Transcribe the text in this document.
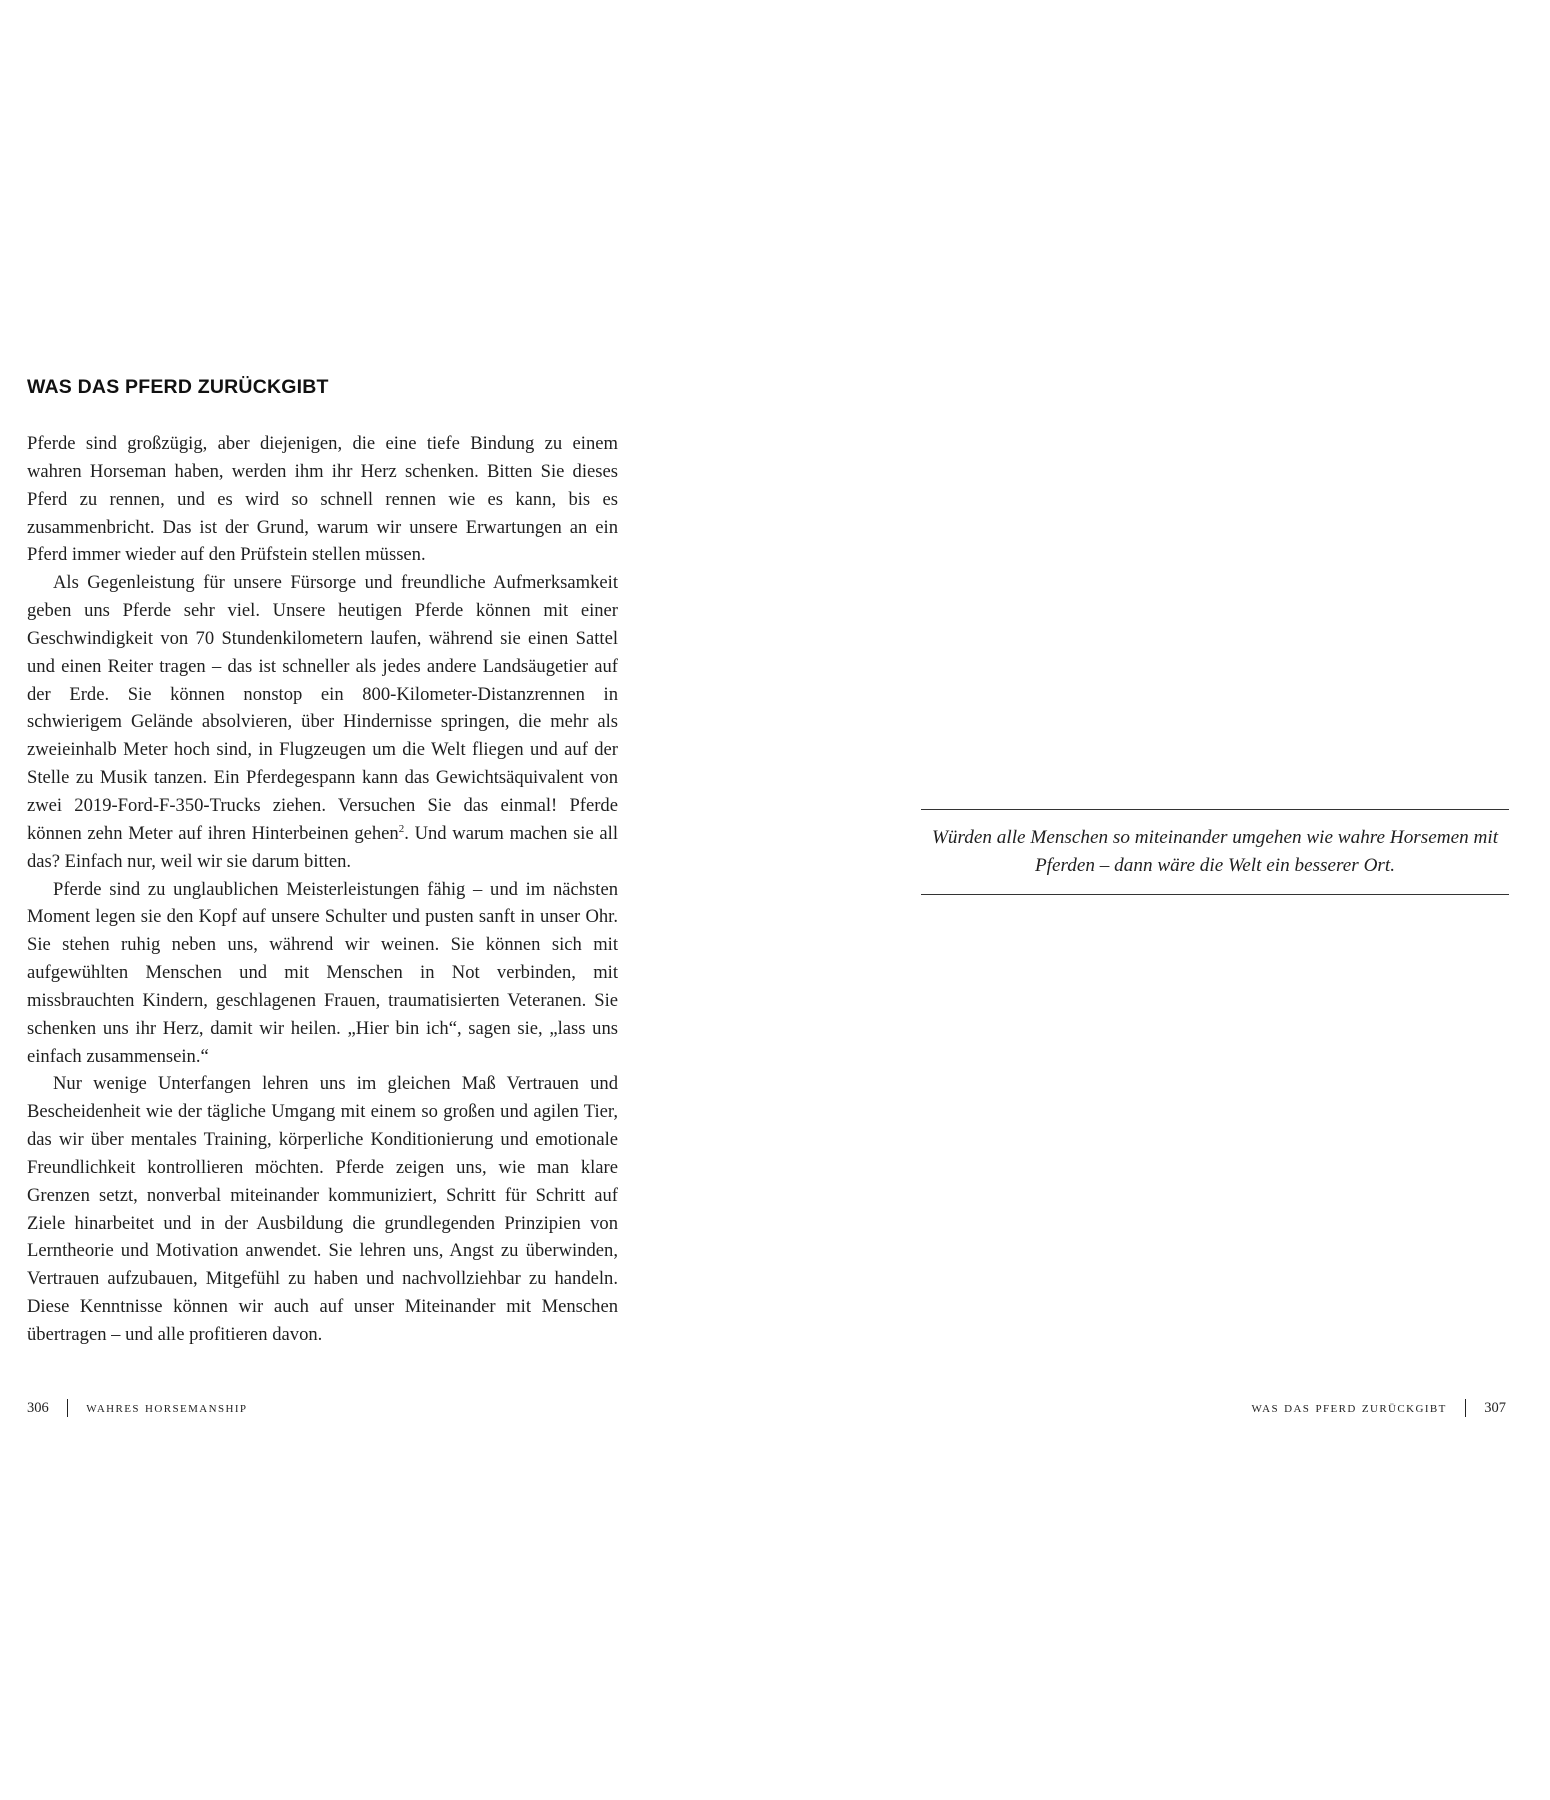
WAS DAS PFERD ZURÜCKGIBT

Pferde sind großzügig, aber diejenigen, die eine tiefe Bindung zu einem wahren Horseman haben, werden ihm ihr Herz schenken. Bitten Sie dieses Pferd zu rennen, und es wird so schnell rennen wie es kann, bis es zusammenbricht. Das ist der Grund, warum wir unsere Erwartungen an ein Pferd immer wieder auf den Prüfstein stellen müssen.

Als Gegenleistung für unsere Fürsorge und freundliche Aufmerksamkeit geben uns Pferde sehr viel. Unsere heutigen Pferde können mit einer Geschwindigkeit von 70 Stundenkilometern laufen, während sie einen Sattel und einen Reiter tragen – das ist schneller als jedes andere Landsäugetier auf der Erde. Sie können nonstop ein 800-Kilometer-Distanzrennen in schwierigem Gelände absolvieren, über Hindernisse springen, die mehr als zweieinhalb Meter hoch sind, in Flugzeugen um die Welt fliegen und auf der Stelle zu Musik tanzen. Ein Pferdegespann kann das Gewichtsäquivalent von zwei 2019-Ford-F-350-Trucks ziehen. Versuchen Sie das einmal! Pferde können zehn Meter auf ihren Hinterbeinen gehen$^2$. Und warum machen sie all das? Einfach nur, weil wir sie darum bitten.

Pferde sind zu unglaublichen Meisterleistungen fähig – und im nächsten Moment legen sie den Kopf auf unsere Schulter und pusten sanft in unser Ohr. Sie stehen ruhig neben uns, während wir weinen. Sie können sich mit aufgewühlten Menschen und mit Menschen in Not verbinden, mit missbrauchten Kindern, geschlagenen Frauen, traumatisierten Veteranen. Sie schenken uns ihr Herz, damit wir heilen. „Hier bin ich“, sagen sie, „lass uns einfach zusammensein.“

Nur wenige Unterfangen lehren uns im gleichen Maß Vertrauen und Bescheidenheit wie der tägliche Umgang mit einem so großen und agilen Tier, das wir über mentales Training, körperliche Konditionierung und emotionale Freundlichkeit kontrollieren möchten. Pferde zeigen uns, wie man klare Grenzen setzt, nonverbal miteinander kommuniziert, Schritt für Schritt auf Ziele hinarbeitet und in der Ausbildung die grundlegenden Prinzipien von Lerntheorie und Motivation anwendet. Sie lehren uns, Angst zu überwinden, Vertrauen aufzubauen, Mitgefühl zu haben und nachvollziehbar zu handeln. Diese Kenntnisse können wir auch auf unser Miteinander mit Menschen übertragen – und alle profitieren davon.

306	wahres horsemanship

Würden alle Menschen so miteinander umgehen wie wahre Horsemen mit Pferden – dann wäre die Welt ein besserer Ort.

was das pferd zurückgibt	307
